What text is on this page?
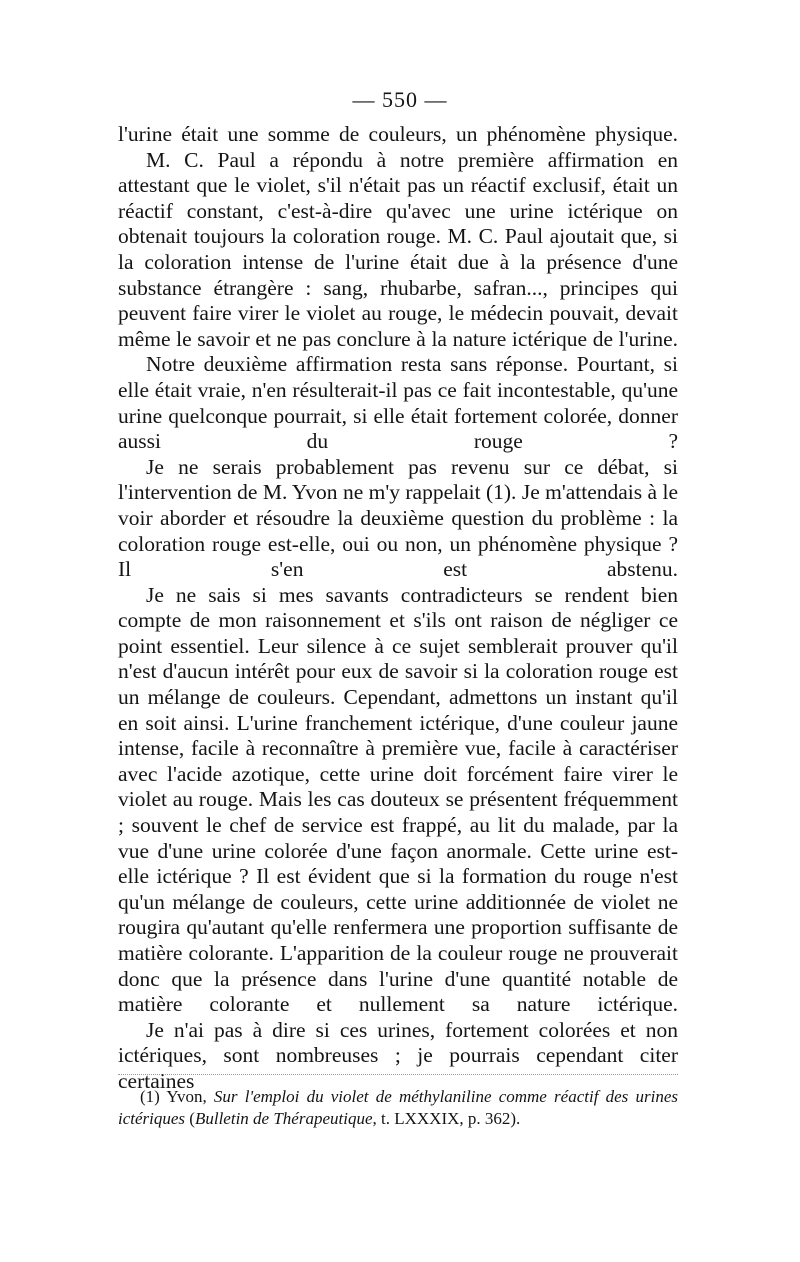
— 550 —

l'urine était une somme de couleurs, un phénomène physique.

M. C. Paul a répondu à notre première affirmation en attestant que le violet, s'il n'était pas un réactif exclusif, était un réactif constant, c'est-à-dire qu'avec une urine ictérique on obtenait toujours la coloration rouge. M. C. Paul ajoutait que, si la coloration intense de l'urine était due à la présence d'une substance étrangère : sang, rhubarbe, safran..., principes qui peuvent faire virer le violet au rouge, le médecin pouvait, devait même le savoir et ne pas conclure à la nature ictérique de l'urine.

Notre deuxième affirmation resta sans réponse. Pourtant, si elle était vraie, n'en résulterait-il pas ce fait incontestable, qu'une urine quelconque pourrait, si elle était fortement colorée, donner aussi du rouge ?

Je ne serais probablement pas revenu sur ce débat, si l'intervention de M. Yvon ne m'y rappelait (1). Je m'attendais à le voir aborder et résoudre la deuxième question du problème : la coloration rouge est-elle, oui ou non, un phénomène physique ? Il s'en est abstenu.

Je ne sais si mes savants contradicteurs se rendent bien compte de mon raisonnement et s'ils ont raison de négliger ce point essentiel. Leur silence à ce sujet semblerait prouver qu'il n'est d'aucun intérêt pour eux de savoir si la coloration rouge est un mélange de couleurs. Cependant, admettons un instant qu'il en soit ainsi. L'urine franchement ictérique, d'une couleur jaune intense, facile à reconnaître à première vue, facile à caractériser avec l'acide azotique, cette urine doit forcément faire virer le violet au rouge. Mais les cas douteux se présentent fréquemment ; souvent le chef de service est frappé, au lit du malade, par la vue d'une urine colorée d'une façon anormale. Cette urine est-elle ictérique ? Il est évident que si la formation du rouge n'est qu'un mélange de couleurs, cette urine additionnée de violet ne rougira qu'autant qu'elle renfermera une proportion suffisante de matière colorante. L'apparition de la couleur rouge ne prouverait donc que la présence dans l'urine d'une quantité notable de matière colorante et nullement sa nature ictérique.

Je n'ai pas à dire si ces urines, fortement colorées et non ictériques, sont nombreuses ; je pourrais cependant citer certaines

(1) Yvon, Sur l'emploi du violet de méthylaniline comme réactif des urines ictériques (Bulletin de Thérapeutique, t. LXXXIX, p. 362).
